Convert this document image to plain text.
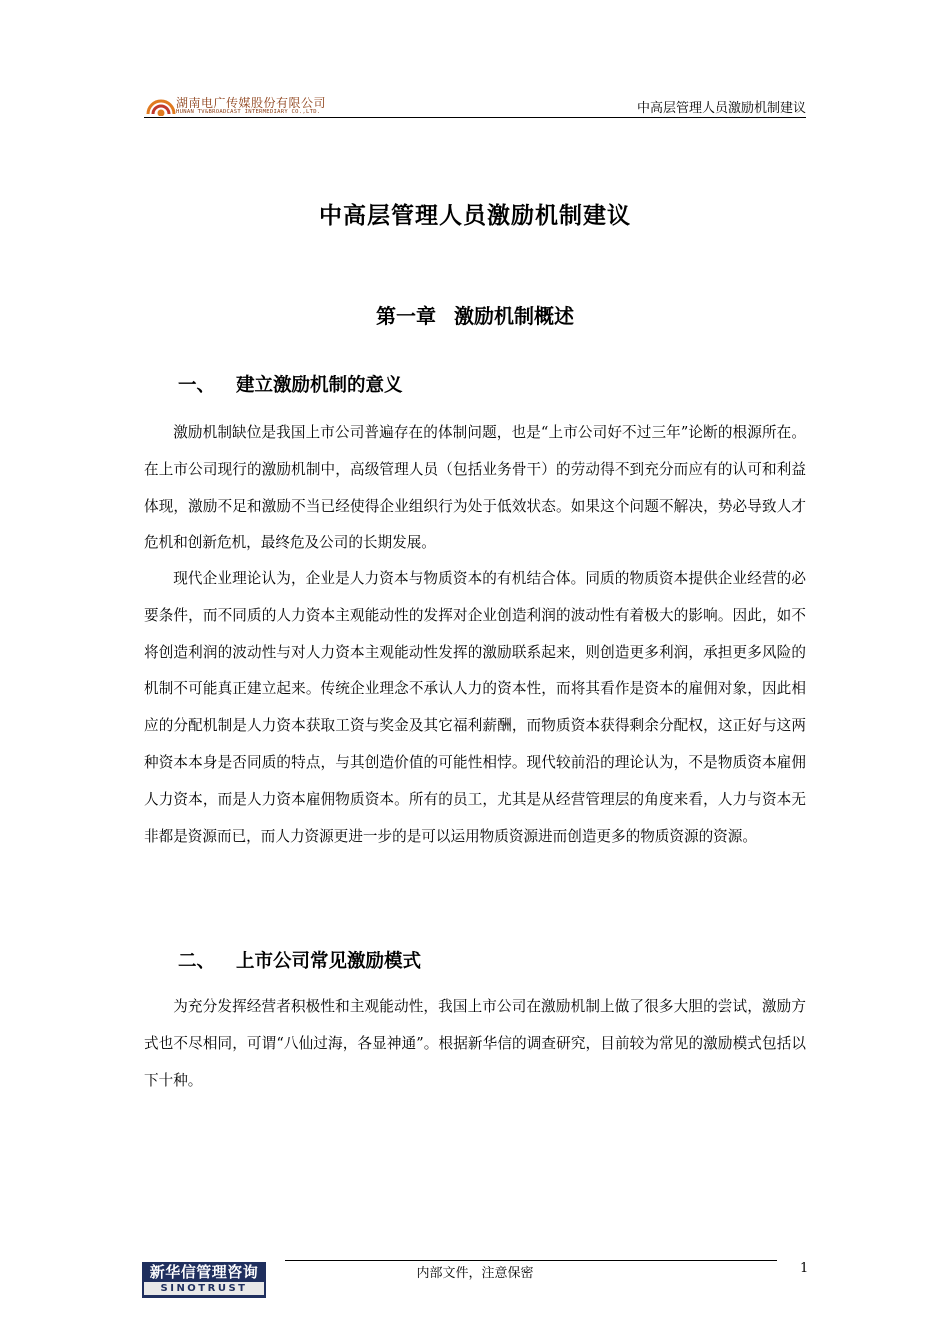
湖南电广传媒股份有限公司
HUNAN TV&BROADCAST INTERMEDIARY CO.,LTD.	中高层管理人员激励机制建议
中高层管理人员激励机制建议
第一章 激励机制概述
一、 建立激励机制的意义

激励机制缺位是我国上市公司普遍存在的体制问题，也是“上市公司好不过三年”论断的根源所在。在上市公司现行的激励机制中，高级管理人员（包括业务骨干）的劳动得不到充分而应有的认可和利益体现，激励不足和激励不当已经使得企业组织行为处于低效状态。如果这个问题不解决，势必导致人才危机和创新危机，最终危及公司的长期发展。

现代企业理论认为，企业是人力资本与物质资本的有机结合体。同质的物质资本提供企业经营的必要条件，而不同质的人力资本主观能动性的发挥对企业创造利润的波动性有着极大的影响。因此，如不将创造利润的波动性与对人力资本主观能动性发挥的激励联系起来，则创造更多利润，承担更多风险的机制不可能真正建立起来。传统企业理念不承认人力的资本性，而将其看作是资本的雇佣对象，因此相应的分配机制是人力资本获取工资与奖金及其它福利薪酬，而物质资本获得剩余分配权，这正好与这两种资本本身是否同质的特点，与其创造价值的可能性相悖。现代较前沿的理论认为，不是物质资本雇佣人力资本，而是人力资本雇佣物质资本。所有的员工，尤其是从经营管理层的角度来看，人力与资本无非都是资源而已，而人力资源更进一步的是可以运用物质资源进而创造更多的物质资源的资源。

二、 上市公司常见激励模式

为充分发挥经营者积极性和主观能动性，我国上市公司在激励机制上做了很多大胆的尝试，激励方式也不尽相同，可谓“八仙过海，各显神通”。根据新华信的调查研究，目前较为常见的激励模式包括以下十种。

新华信管理咨询
SINOTRUST
内部文件，注意保密	1
